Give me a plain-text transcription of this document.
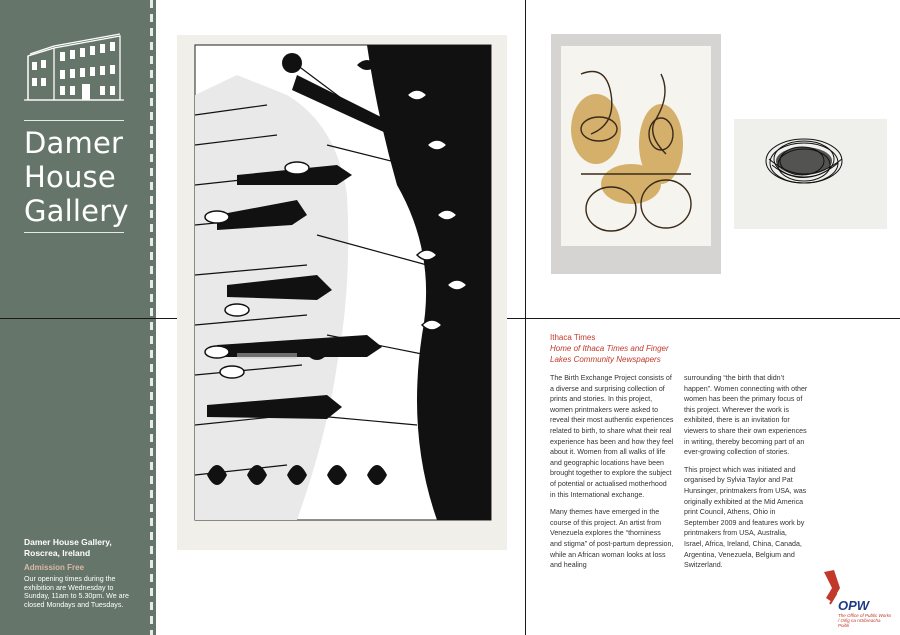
Damer
House
Gallery
Damer House Gallery,
Roscrea, Ireland
Admission Free
Our opening times during the exhibition are Wednesday to Sunday, 11am to 5.30pm. We are closed Mondays and Tuesdays.
Ithaca Times
Home of Ithaca Times and Finger Lakes Community Newspapers

The Birth Exchange Project consists of a diverse and surprising collection of prints and stories. In this project, women printmakers were asked to reveal their most authentic experiences related to birth, to share what their real experience has been and how they feel about it. Women from all walks of life and geographic locations have been brought together to explore the subject of potential or actualised motherhood in this International exchange.

Many themes have emerged in the course of this project. An artist from Venezuela explores the “thorniness and stigma” of post-partum depression, while an African woman looks at loss and healing

surrounding “the birth that didn’t happen”. Women connecting with other women has been the primary focus of this project. Wherever the work is exhibited, there is an invitation for viewers to share their own experiences in writing, thereby becoming part of an ever-growing collection of stories.

This project which was initiated and organised by Sylvia Taylor and Pat Hunsinger, printmakers from USA, was originally exhibited at the Mid America print Council, Athens, Ohio in September 2009 and features work by printmakers from USA, Australia, Israel, Africa, Ireland, China, Canada, Argentina, Venezuela, Belgium and Switzerland.

OPW
The Office of Public Works / Oifig na nOibreacha Poiblí
